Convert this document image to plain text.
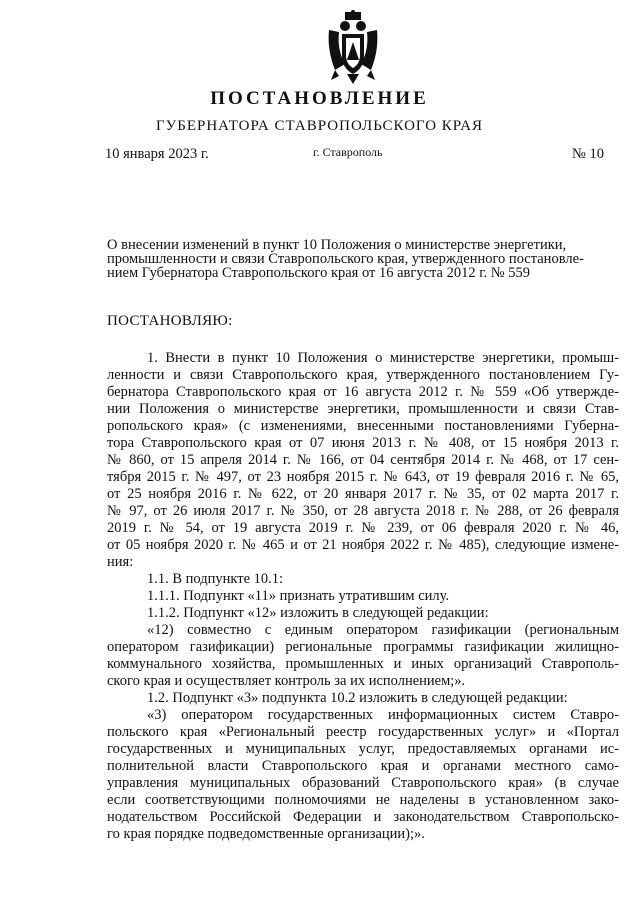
ПОСТАНОВЛЕНИЕ
ГУБЕРНАТОРА СТАВРОПОЛЬСКОГО КРАЯ
10 января 2023 г.	г. Ставрополь	№ 10
О внесении изменений в пункт 10 Положения о министерстве энергетики,
промышленности и связи Ставропольского края, утвержденного постановле-
нием Губернатора Ставропольского края от 16 августа 2012 г. № 559
ПОСТАНОВЛЯЮ:
1. Внести в пункт 10 Положения о министерстве энергетики, промыш-
ленности и связи Ставропольского края, утвержденного постановлением Гу-
бернатора Ставропольского края от 16 августа 2012 г. № 559 «Об утвержде-
нии Положения о министерстве энергетики, промышленности и связи Став-
ропольского края» (с изменениями, внесенными постановлениями Губерна-
тора Ставропольского края от 07 июня 2013 г. № 408, от 15 ноября 2013 г.
№ 860, от 15 апреля 2014 г. № 166, от 04 сентября 2014 г. № 468, от 17 сен-
тября 2015 г. № 497, от 23 ноября 2015 г. № 643, от 19 февраля 2016 г. № 65,
от 25 ноября 2016 г. № 622, от 20 января 2017 г. № 35, от 02 марта 2017 г.
№ 97, от 26 июля 2017 г. № 350, от 28 августа 2018 г. № 288, от 26 февраля
2019 г. № 54, от 19 августа 2019 г. № 239, от 06 февраля 2020 г. № 46,
от 05 ноября 2020 г. № 465 и от 21 ноября 2022 г. № 485), следующие измене-
ния:
1.1. В подпункте 10.1:
1.1.1. Подпункт «11» признать утратившим силу.
1.1.2. Подпункт «12» изложить в следующей редакции:
«12) совместно с единым оператором газификации (региональным
оператором газификации) региональные программы газификации жилищно-
коммунального хозяйства, промышленных и иных организаций Ставрополь-
ского края и осуществляет контроль за их исполнением;».
1.2. Подпункт «3» подпункта 10.2 изложить в следующей редакции:
«3) оператором государственных информационных систем Ставро-
польского края «Региональный реестр государственных услуг» и «Портал
государственных и муниципальных услуг, предоставляемых органами ис-
полнительной власти Ставропольского края и органами местного само-
управления муниципальных образований Ставропольского края» (в случае
если соответствующими полномочиями не наделены в установленном зако-
нодательством Российской Федерации и законодательством Ставропольско-
го края порядке подведомственные организации);».
